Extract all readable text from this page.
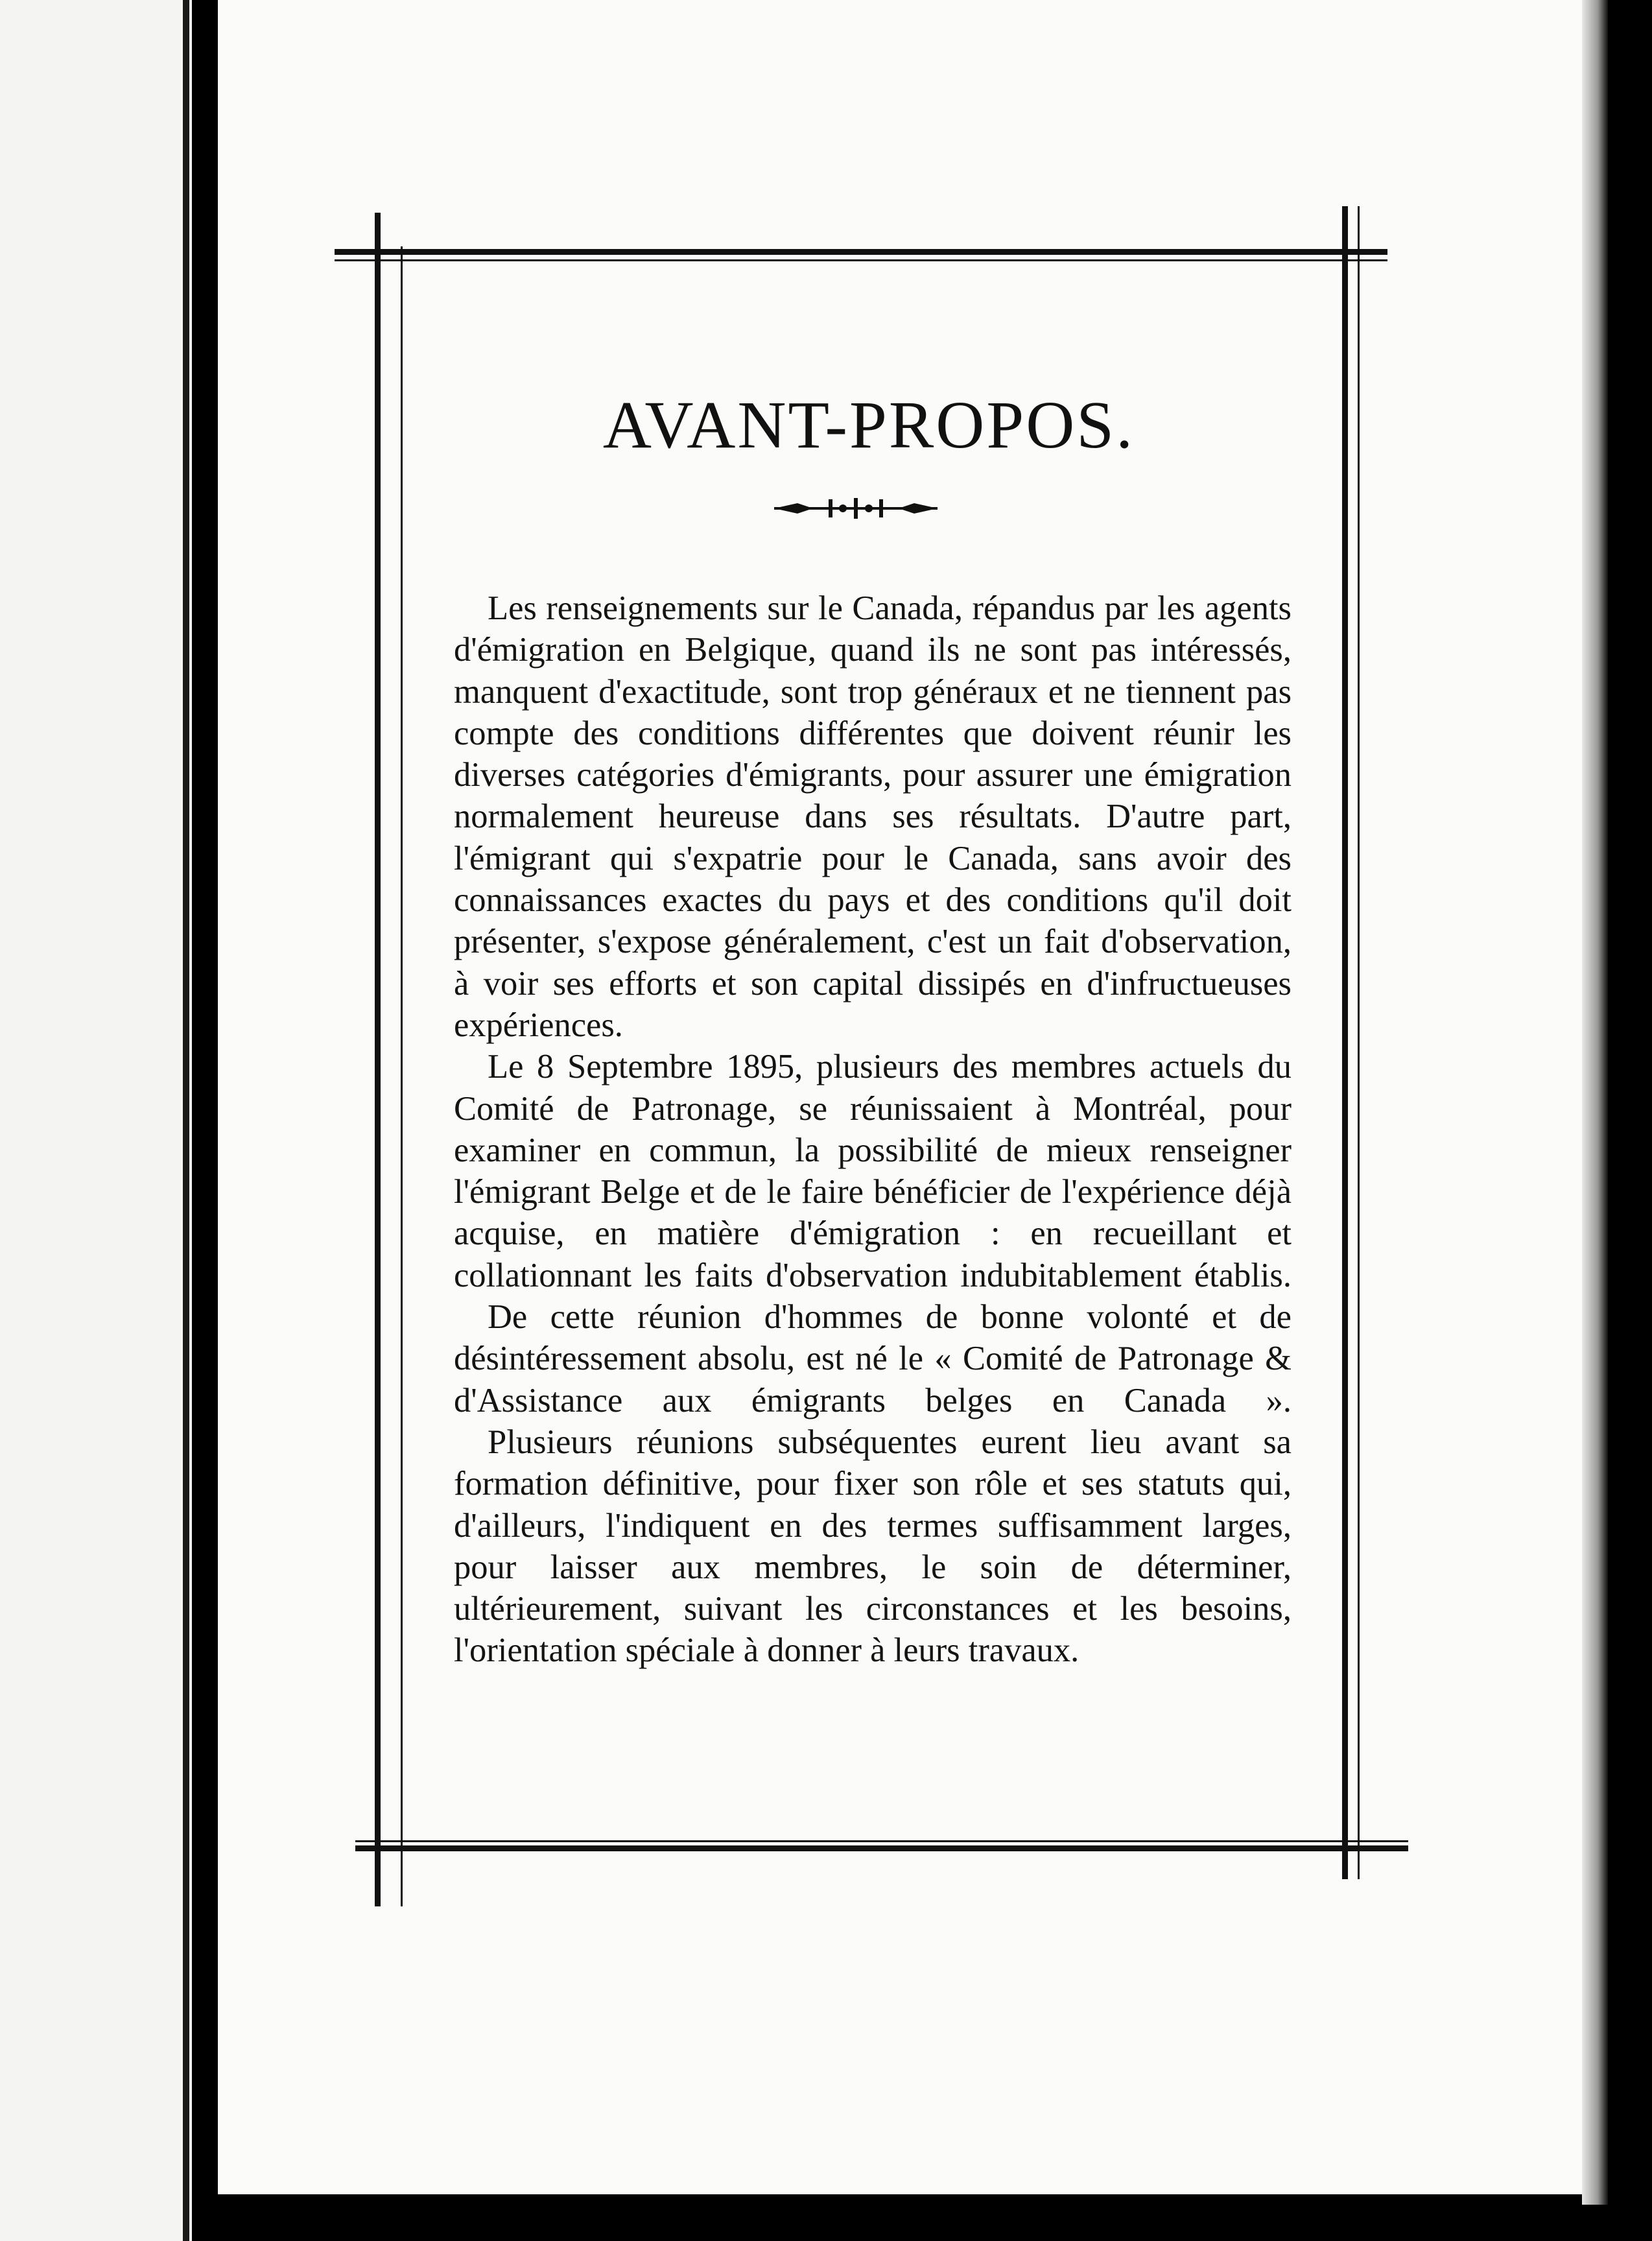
AVANT-PROPOS.

Les renseignements sur le Canada, répandus par les agents d'émigration en Belgique, quand ils ne sont pas intéressés, manquent d'exactitude, sont trop généraux et ne tiennent pas compte des conditions différentes que doivent réunir les diverses catégories d'émigrants, pour assurer une émigration normalement heureuse dans ses résultats. D'autre part, l'émigrant qui s'expatrie pour le Canada, sans avoir des connaissances exactes du pays et des conditions qu'il doit présenter, s'expose généralement, c'est un fait d'observation, à voir ses efforts et son capital dissipés en d'infructueuses expériences.

Le 8 Septembre 1895, plusieurs des membres actuels du Comité de Patronage, se réunissaient à Montréal, pour examiner en commun, la possibilité de mieux renseigner l'émigrant Belge et de le faire bénéficier de l'expérience déjà acquise, en matière d'émigration : en recueillant et collationnant les faits d'observation indubitablement établis.

De cette réunion d'hommes de bonne volonté et de désintéressement absolu, est né le « Comité de Patronage & d'Assistance aux émigrants belges en Canada ».

Plusieurs réunions subséquentes eurent lieu avant sa formation définitive, pour fixer son rôle et ses statuts qui, d'ailleurs, l'indiquent en des termes suffisamment larges, pour laisser aux membres, le soin de déterminer, ultérieurement, suivant les circonstances et les besoins, l'orientation spéciale à donner à leurs travaux.
